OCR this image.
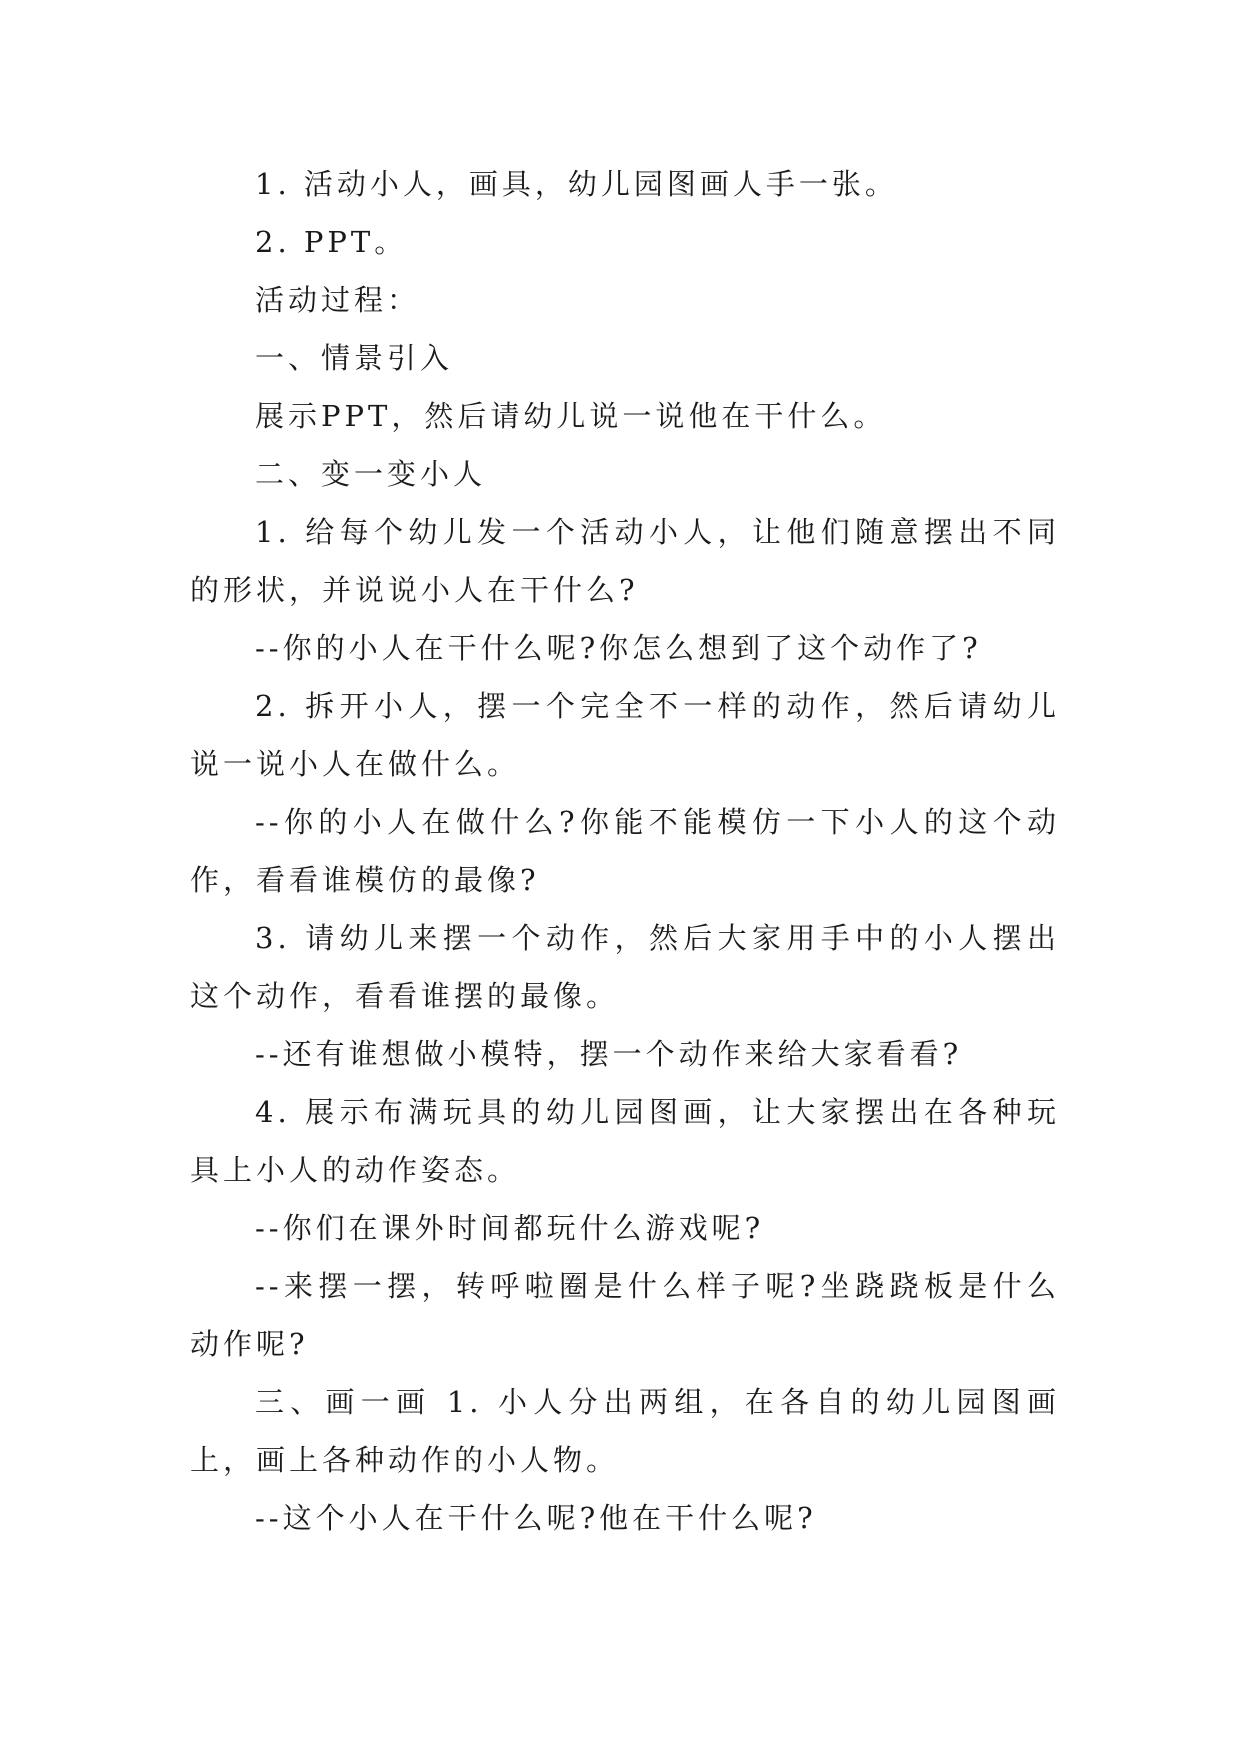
1. 活动小人，画具，幼儿园图画人手一张。

2. PPT。

活动过程：

一、情景引入

展示PPT，然后请幼儿说一说他在干什么。

二、变一变小人

1. 给每个幼儿发一个活动小人，让他们随意摆出不同的形状，并说说小人在干什么?

--你的小人在干什么呢?你怎么想到了这个动作了?

2. 拆开小人，摆一个完全不一样的动作，然后请幼儿说一说小人在做什么。

--你的小人在做什么?你能不能模仿一下小人的这个动作，看看谁模仿的最像?

3. 请幼儿来摆一个动作，然后大家用手中的小人摆出这个动作，看看谁摆的最像。

--还有谁想做小模特，摆一个动作来给大家看看?

4. 展示布满玩具的幼儿园图画，让大家摆出在各种玩具上小人的动作姿态。

--你们在课外时间都玩什么游戏呢?

--来摆一摆，转呼啦圈是什么样子呢?坐跷跷板是什么动作呢?

三、画一画 1. 小人分出两组，在各自的幼儿园图画上，画上各种动作的小人物。

--这个小人在干什么呢?他在干什么呢?
